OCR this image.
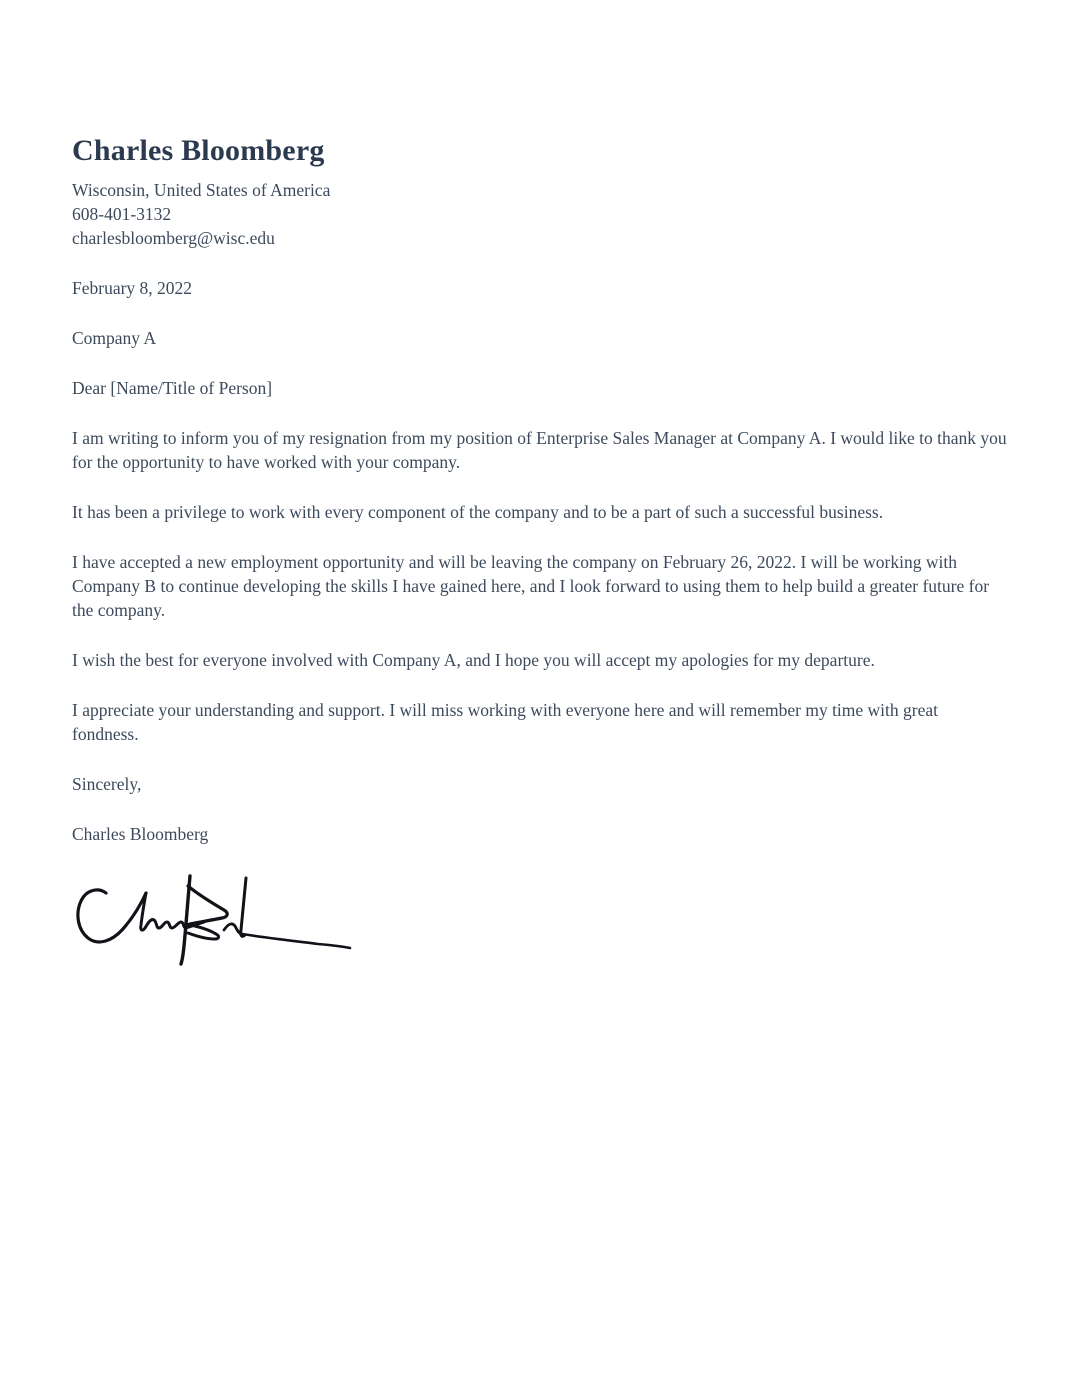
Charles Bloomberg

Wisconsin, United States of America

608-401-3132

charlesbloomberg@wisc.edu

February 8, 2022

Company A

Dear [Name/Title of Person]

I am writing to inform you of my resignation from my position of Enterprise Sales Manager at Company A. I would like to thank you for the opportunity to have worked with your company.

It has been a privilege to work with every component of the company and to be a part of such a successful business.

I have accepted a new employment opportunity and will be leaving the company on February 26, 2022. I will be working with Company B to continue developing the skills I have gained here, and I look forward to using them to help build a greater future for the company.

I wish the best for everyone involved with Company A, and I hope you will accept my apologies for my departure.

I appreciate your understanding and support. I will miss working with everyone here and will remember my time with great fondness.

Sincerely,

Charles Bloomberg
